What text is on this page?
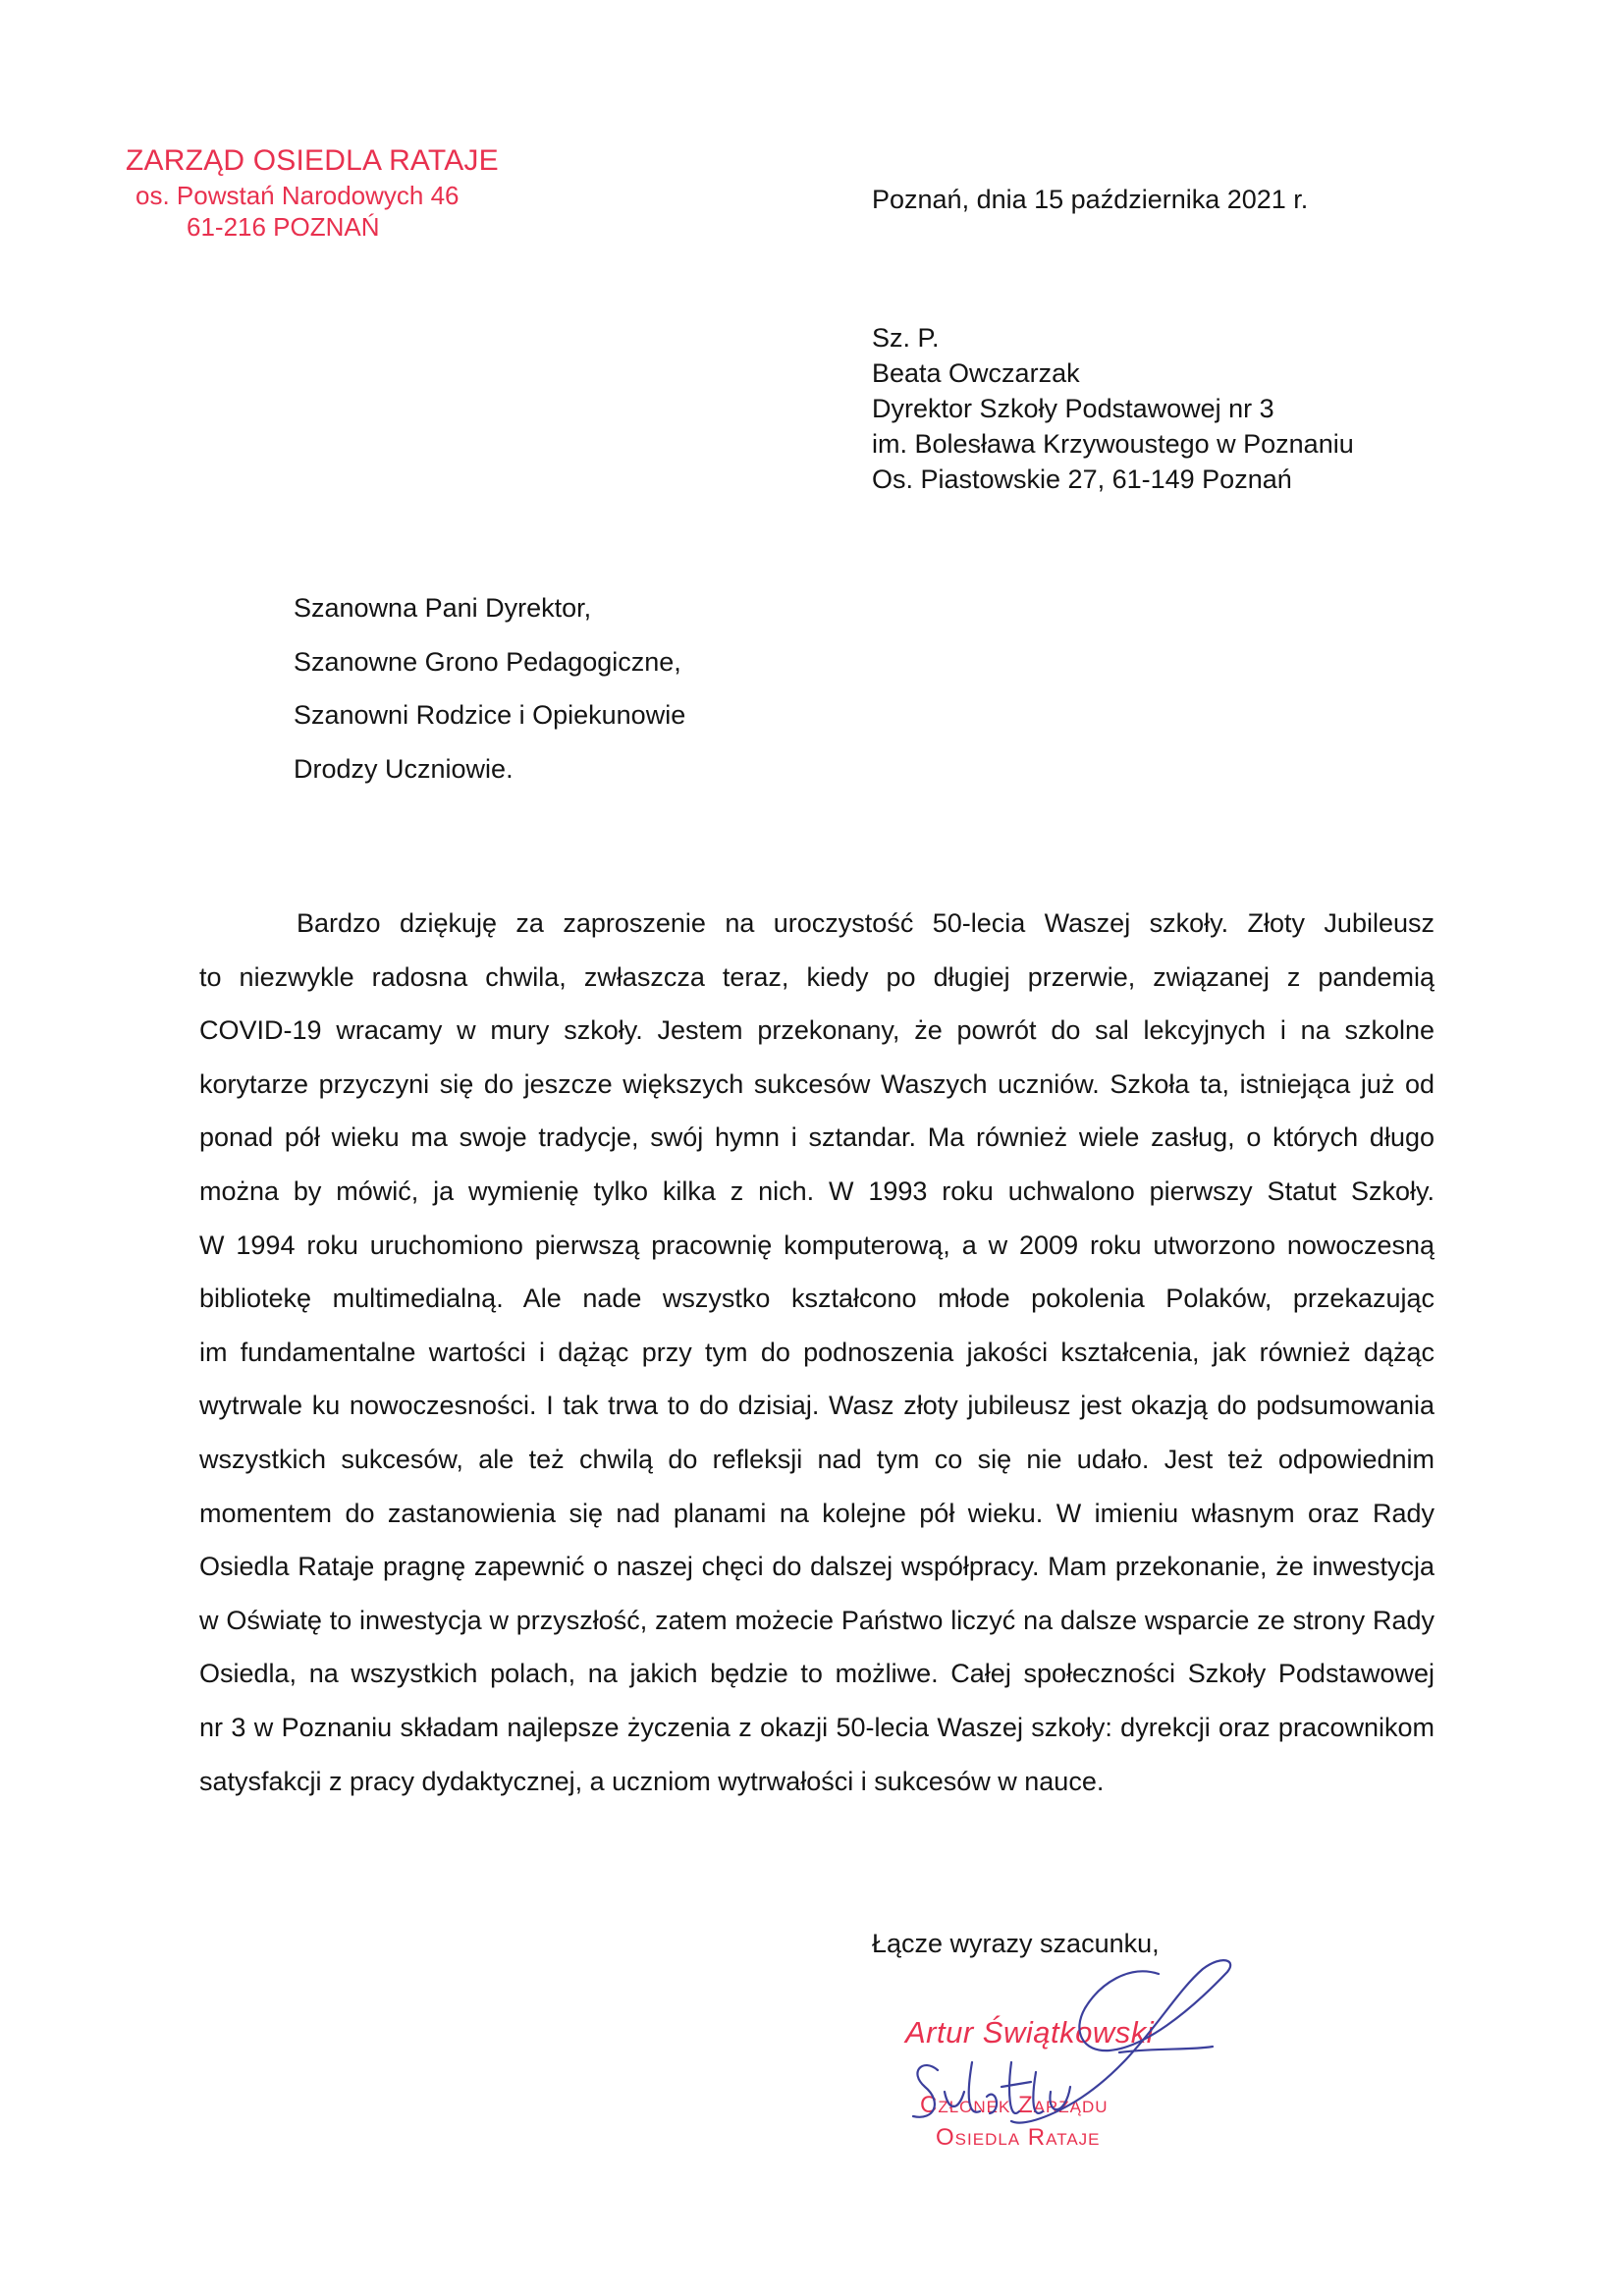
ZARZĄD OSIEDLA RATAJE
os. Powstań Narodowych 46
61-216 POZNAŃ
Poznań, dnia 15 października 2021 r.
Sz. P.
Beata Owczarzak
Dyrektor Szkoły Podstawowej nr 3
im. Bolesława Krzywoustego w Poznaniu
Os. Piastowskie 27, 61-149 Poznań
Szanowna Pani Dyrektor,
Szanowne Grono Pedagogiczne,
Szanowni Rodzice i Opiekunowie
Drodzy Uczniowie.
Bardzo dziękuję za zaproszenie na uroczystość 50-lecia Waszej szkoły. Złoty Jubileusz
to niezwykle radosna chwila, zwłaszcza teraz, kiedy po długiej przerwie, związanej z pandemią
COVID-19 wracamy w mury szkoły. Jestem przekonany, że powrót do sal lekcyjnych i na szkolne
korytarze przyczyni się do jeszcze większych sukcesów Waszych uczniów. Szkoła ta, istniejąca już od
ponad pół wieku ma swoje tradycje, swój hymn i sztandar. Ma również wiele zasług, o których długo
można by mówić, ja wymienię tylko kilka z nich. W 1993 roku uchwalono pierwszy Statut Szkoły.
W 1994 roku uruchomiono pierwszą pracownię komputerową, a w 2009 roku utworzono nowoczesną
bibliotekę multimedialną. Ale nade wszystko kształcono młode pokolenia Polaków, przekazując
im fundamentalne wartości i dążąc przy tym do podnoszenia jakości kształcenia, jak również dążąc
wytrwale ku nowoczesności. I tak trwa to do dzisiaj. Wasz złoty jubileusz jest okazją do podsumowania
wszystkich sukcesów, ale też chwilą do refleksji nad tym co się nie udało. Jest też odpowiednim
momentem do zastanowienia się nad planami na kolejne pół wieku. W imieniu własnym oraz Rady
Osiedla Rataje pragnę zapewnić o naszej chęci do dalszej współpracy. Mam przekonanie, że inwestycja
w Oświatę to inwestycja w przyszłość, zatem możecie Państwo liczyć na dalsze wsparcie ze strony Rady
Osiedla, na wszystkich polach, na jakich będzie to możliwe. Całej społeczności Szkoły Podstawowej
nr 3 w Poznaniu składam najlepsze życzenia z okazji 50-lecia Waszej szkoły: dyrekcji oraz pracownikom
satysfakcji z pracy dydaktycznej, a uczniom wytrwałości i sukcesów w nauce.
Łącze wyrazy szacunku,
Artur Świątkowski
Członek Zarządu
Osiedla Rataje
